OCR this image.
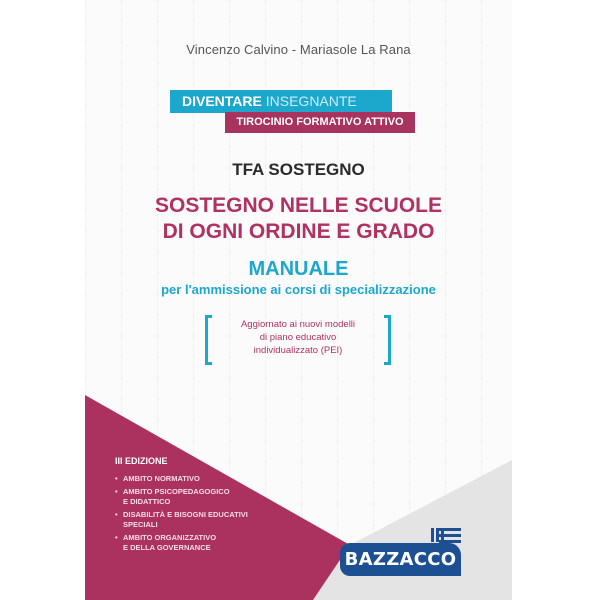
Vincenzo Calvino - Mariasole La Rana
DIVENTARE INSEGNANTE
TIROCINIO FORMATIVO ATTIVO
TFA SOSTEGNO
SOSTEGNO NELLE SCUOLE
DI OGNI ORDINE E GRADO
MANUALE
per l'ammissione ai corsi di specializzazione
Aggiornato ai nuovi modelli
di piano educativo
individualizzato (PEI)
III EDIZIONE
• AMBITO NORMATIVO
• AMBITO PSICOPEDAGOGICO
E DIDATTICO
• DISABILITÀ E BISOGNI EDUCATIVI
SPECIALI
• AMBITO ORGANIZZATIVO
E DELLA GOVERNANCE
BAZZACCO
